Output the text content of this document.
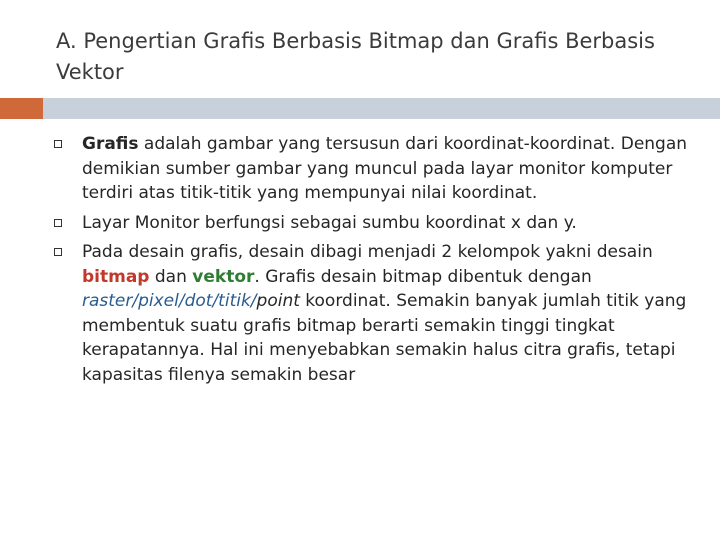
A. Pengertian Grafis Berbasis Bitmap dan Grafis Berbasis Vektor
Grafis adalah gambar yang tersusun dari koordinat-koordinat. Dengan demikian sumber gambar yang muncul pada layar monitor komputer terdiri atas titik-titik yang mempunyai nilai koordinat.
Layar Monitor berfungsi sebagai sumbu koordinat x dan y.
Pada desain grafis, desain dibagi menjadi 2 kelompok yakni desain bitmap dan vektor. Grafis desain bitmap dibentuk dengan raster/pixel/dot/titik/point koordinat. Semakin banyak jumlah titik yang membentuk suatu grafis bitmap berarti semakin tinggi tingkat kerapatannya. Hal ini menyebabkan semakin halus citra grafis, tetapi kapasitas filenya semakin besar
